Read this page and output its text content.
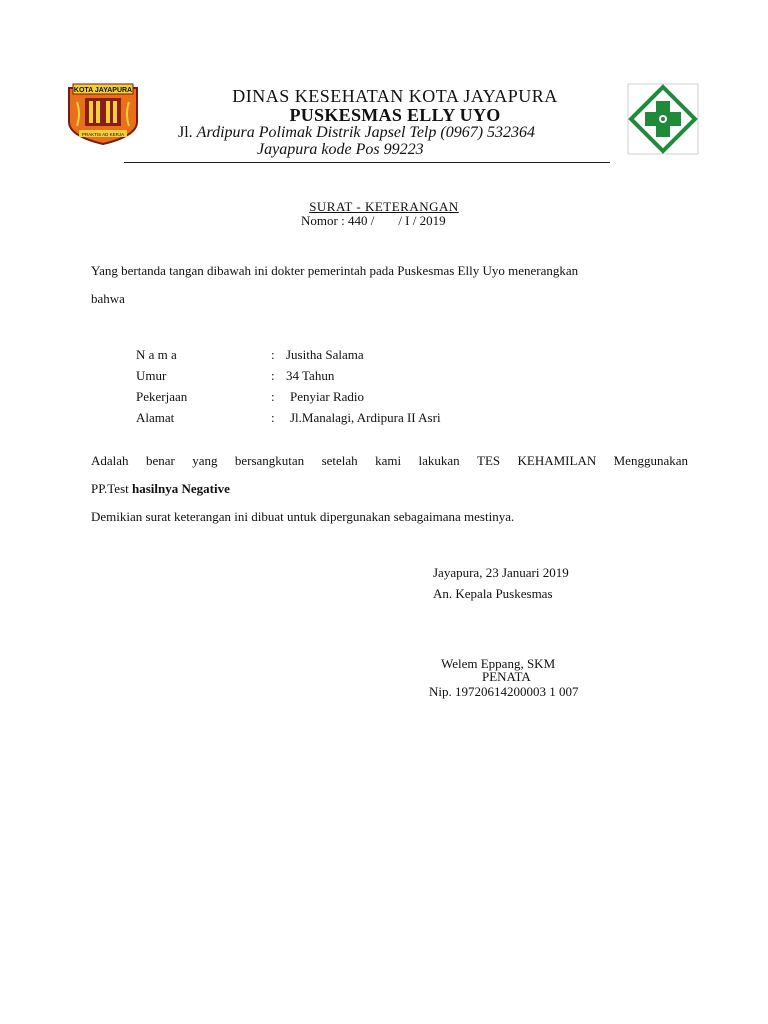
KOTA JAYAPURA
PRAKTIS AD KERJA
DINAS KESEHATAN KOTA JAYAPURA
PUSKESMAS ELLY UYO
Jl. Ardipura Polimak Distrik Japsel Telp (0967) 532364
Jayapura kode Pos 99223
SURAT - KETERANGAN
Nomor : 440 / / I / 2019
Yang bertanda tangan dibawah ini dokter pemerintah pada Puskesmas Elly Uyo menerangkan
bahwa
N a m a	: Jusitha Salama
Umur	: 34 Tahun
Pekerjaan	: Penyiar Radio
Alamat	: Jl.Manalagi, Ardipura II Asri
Adalah benar yang bersangkutan setelah kami lakukan TES KEHAMILAN Menggunakan
PP.Test hasilnya Negative
Demikian surat keterangan ini dibuat untuk dipergunakan sebagaimana mestinya.
Jayapura, 23 Januari 2019
An. Kepala Puskesmas
Welem Eppang, SKM
PENATA
Nip. 19720614200003 1 007
